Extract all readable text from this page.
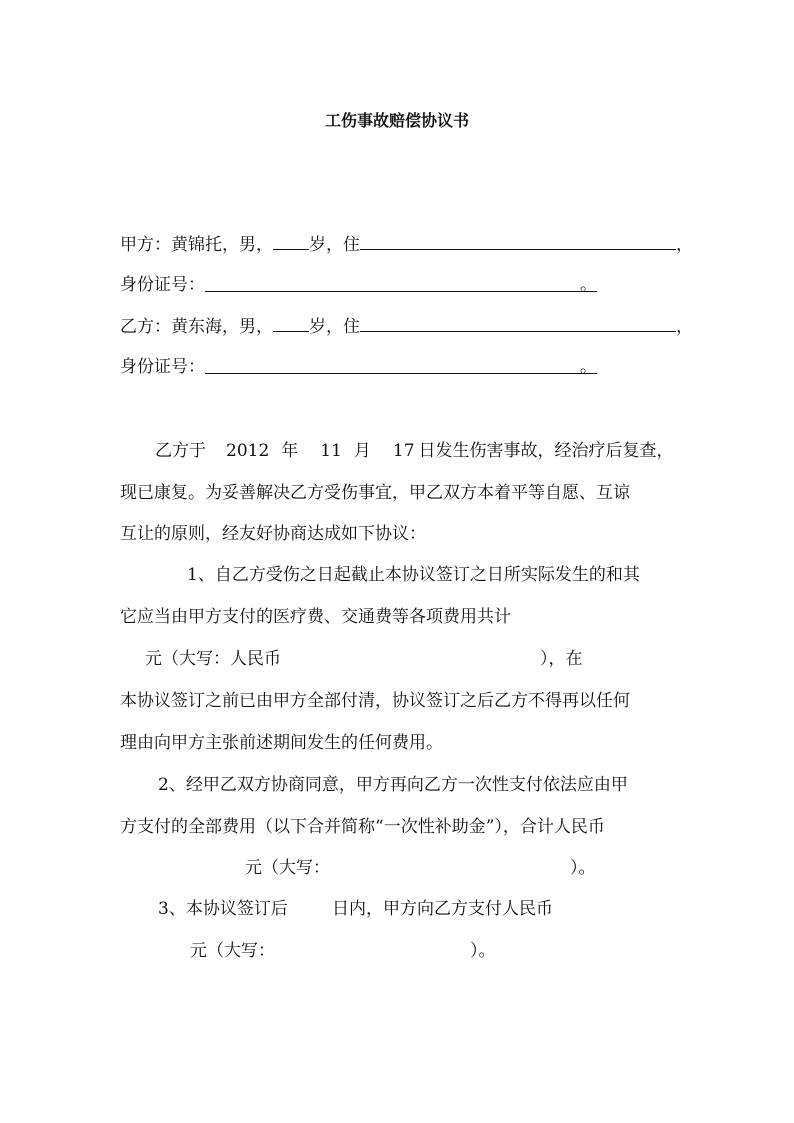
工伤事故赔偿协议书
甲方：黄锦托，男， 岁，住	，
身份证号：	。
乙方：黄东海，男， 岁，住	，
身份证号：	。
乙方于 2012 年 11 月 17 日发生伤害事故，经治疗后复查，
现已康复。为妥善解决乙方受伤事宜，甲乙双方本着平等自愿、互谅
互让的原则，经友好协商达成如下协议：
1、自乙方受伤之日起截止本协议签订之日所实际发生的和其
它应当由甲方支付的医疗费、交通费等各项费用共计
元（大写：人民币	），在
本协议签订之前已由甲方全部付清，协议签订之后乙方不得再以任何
理由向甲方主张前述期间发生的任何费用。
2、经甲乙双方协商同意，甲方再向乙方一次性支付依法应由甲
方支付的全部费用（以下合并简称“一次性补助金”），合计人民币
元（大写：	）。
3、本协议签订后	日内，甲方向乙方支付人民币
元（大写：	）。
